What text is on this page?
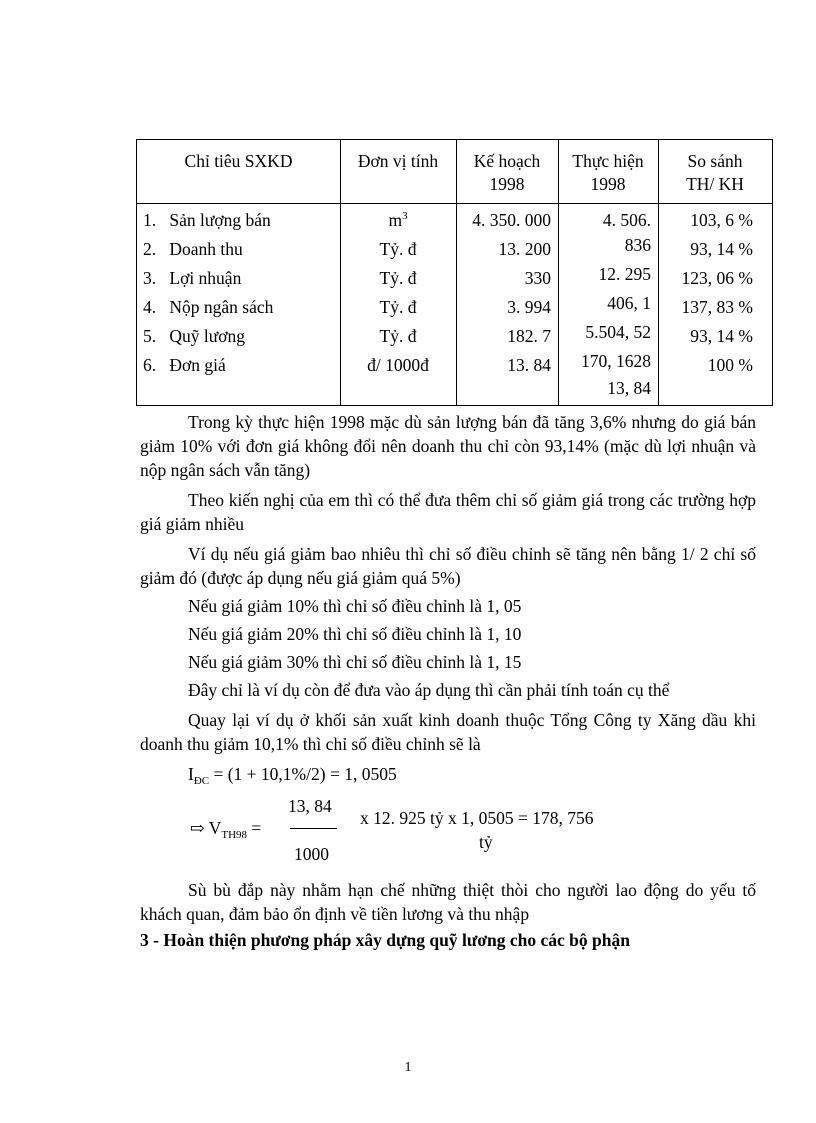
Chỉ tiêu SXKD	Đơn vị tính	Kế hoạch
1998
Thực hiện
1998
So sánh
TH/ KH
1. Sản lượng bán
2. Doanh thu
3. Lợi nhuận
4. Nộp ngân sách
5. Quỹ lương
6. Đơn giá
$m^3$
Tỷ. đ
Tỷ. đ
Tỷ. đ
Tỷ. đ
đ/ 1000đ
4. 350. 000
13. 200
330
3. 994
182. 7
13. 84
4. 506.
836
12. 295
406, 1
5.504, 52
170, 1628
13, 84
103, 6 %
93, 14 %
123, 06 %
137, 83 %
93, 14 %
100 %
Trong kỳ thực hiện 1998 mặc dù sản lượng bán đã tăng 3,6% nhưng do giá bán giảm 10% với đơn giá không đổi nên doanh thu chỉ còn 93,14% (mặc dù lợi nhuận và nộp ngân sách vẫn tăng)
Theo kiến nghị của em thì có thể đưa thêm chỉ số giảm giá trong các trường hợp giá giảm nhiều
Ví dụ nếu giá giảm bao nhiêu thì chỉ số điều chỉnh sẽ tăng nên bằng 1/ 2 chỉ số giảm đó (được áp dụng nếu giá giảm quá 5%)
Nếu giá giảm 10% thì chỉ số điều chỉnh là 1, 05
Nếu giá giảm 20% thì chỉ số điều chỉnh là 1, 10
Nếu giá giảm 30% thì chỉ số điều chỉnh là 1, 15
Đây chỉ là ví dụ còn để đưa vào áp dụng thì cần phải tính toán cụ thể
Quay lại ví dụ ở khối sản xuất kinh doanh thuộc Tổng Công ty Xăng dầu khi doanh thu giảm 10,1% thì chỉ số điều chỉnh sẽ là
$I_{ĐC} = (1 + 10,1\%/2) = 1$, 0505
⇨ $V_{TH98}$ =
13, 84
1000
x 12. 925 tỷ x 1, 0505 = 178, 756
tỷ
Sù bù đắp này nhằm hạn chế những thiệt thòi cho người lao động do yếu tố khách quan, đảm bảo ổn định về tiền lương và thu nhập
3 - Hoàn thiện phương pháp xây dựng quỹ lương cho các bộ phận
1
